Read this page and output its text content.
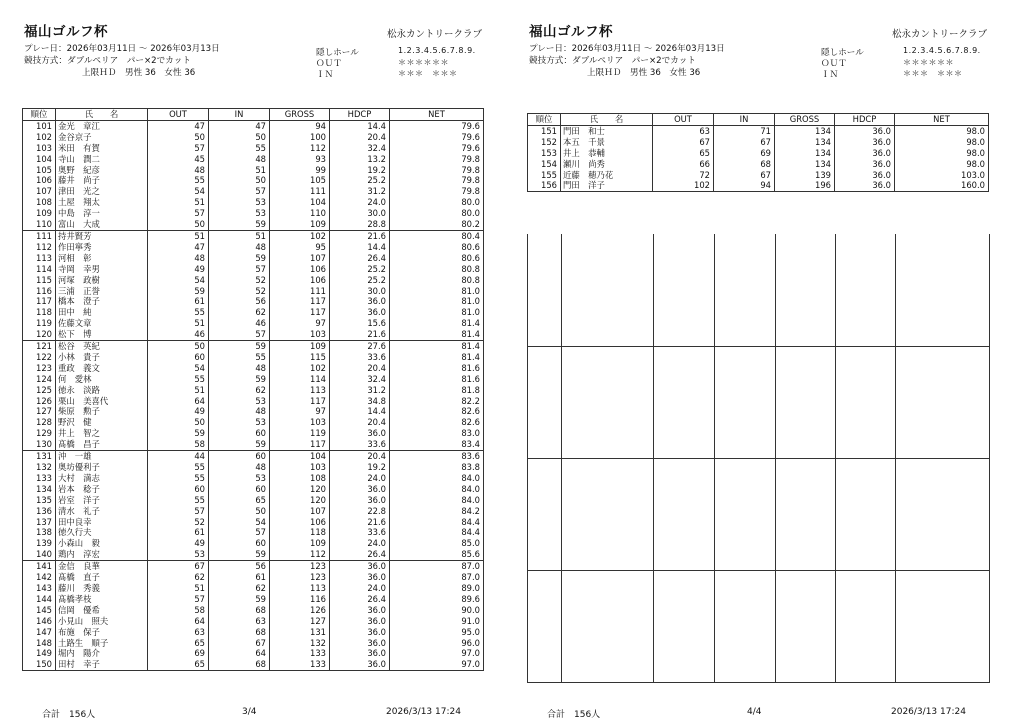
福山ゴルフ杯	松永カントリークラブ
プレー日：2026年03月11日 ～ 2026年03月13日
競技方式：ダブルペリア　パー×2でカット
上限ＨＤ　男性 36　女性 36
隠しホール
ＯＵＴ
ＩＮ
1.2.3.4.5.6.7.8.9.
＊＊＊＊＊＊
＊＊＊　＊＊＊
順位	氏　　名	OUT	IN	GROSS	HDCP	NET
101	金光　章江	47	47	94	14.4	79.6
102	金谷京子	50	50	100	20.4	79.6
103	米田　有賀	57	55	112	32.4	79.6
104	寺山　潤二	45	48	93	13.2	79.8
105	奥野　紀彦	48	51	99	19.2	79.8
106	藤井　尚子	55	50	105	25.2	79.8
107	津田　光之	54	57	111	31.2	79.8
108	土屋　翔太	51	53	104	24.0	80.0
109	中島　淳一	57	53	110	30.0	80.0
110	富山　大成	50	59	109	28.8	80.2
111	持井賢芳	51	51	102	21.6	80.4
112	作田寧秀	47	48	95	14.4	80.6
113	河相　彰	48	59	107	26.4	80.6
114	寺岡　幸男	49	57	106	25.2	80.8
115	河塚　政樹	54	52	106	25.2	80.8
116	三浦　正誉	59	52	111	30.0	81.0
117	橋本　澄子	61	56	117	36.0	81.0
118	田中　純	55	62	117	36.0	81.0
119	佐藤文章	51	46	97	15.6	81.4
120	松下　博	46	57	103	21.6	81.4
121	松谷　英紀	50	59	109	27.6	81.4
122	小林　貴子	60	55	115	33.6	81.4
123	重政　義文	54	48	102	20.4	81.6
124	何　愛林	55	59	114	32.4	81.6
125	徳永　淡路	51	62	113	31.2	81.8
126	栗山　美喜代	64	53	117	34.8	82.2
127	柴原　勲子	49	48	97	14.4	82.6
128	野沢　健	50	53	103	20.4	82.6
129	井上　智之	59	60	119	36.0	83.0
130	髙橋　昌子	58	59	117	33.6	83.4
131	沖　一雄	44	60	104	20.4	83.6
132	奥坊優利子	55	48	103	19.2	83.8
133	大村　満志	55	53	108	24.0	84.0
134	岩本　稔子	60	60	120	36.0	84.0
135	岩室　洋子	55	65	120	36.0	84.0
136	清水　礼子	57	50	107	22.8	84.2
137	田中良幸	52	54	106	21.6	84.4
138	徳久行夫	61	57	118	33.6	84.4
139	小森山　毅	49	60	109	24.0	85.0
140	鶏内　淳宏	53	59	112	26.4	85.6
141	金信　良華	67	56	123	36.0	87.0
142	髙橋　直子	62	61	123	36.0	87.0
143	藤川　秀義	51	62	113	24.0	89.0
144	髙橋孝枝	57	59	116	26.4	89.6
145	信岡　優希	58	68	126	36.0	90.0
146	小見山　照夫	64	63	127	36.0	91.0
147	布施　保子	63	68	131	36.0	95.0
148	土路生　順子	65	67	132	36.0	96.0
149	堀内　陽介	69	64	133	36.0	97.0
150	田村　幸子	65	68	133	36.0	97.0
合計　156人	3/4	2026/3/13 17:24
福山ゴルフ杯	松永カントリークラブ
プレー日：2026年03月11日 ～ 2026年03月13日
競技方式：ダブルペリア　パー×2でカット
上限ＨＤ　男性 36　女性 36
隠しホール
ＯＵＴ
ＩＮ
1.2.3.4.5.6.7.8.9.
＊＊＊＊＊＊
＊＊＊　＊＊＊
順位	氏　　名	OUT	IN	GROSS	HDCP	NET
151	門田　和士	63	71	134	36.0	98.0
152	本五　千景	67	67	134	36.0	98.0
153	井上　恭輔	65	69	134	36.0	98.0
154	瀬川　尚秀	66	68	134	36.0	98.0
155	近藤　穂乃花	72	67	139	36.0	103.0
156	門田　洋子	102	94	196	36.0	160.0
合計　156人	4/4	2026/3/13 17:24
